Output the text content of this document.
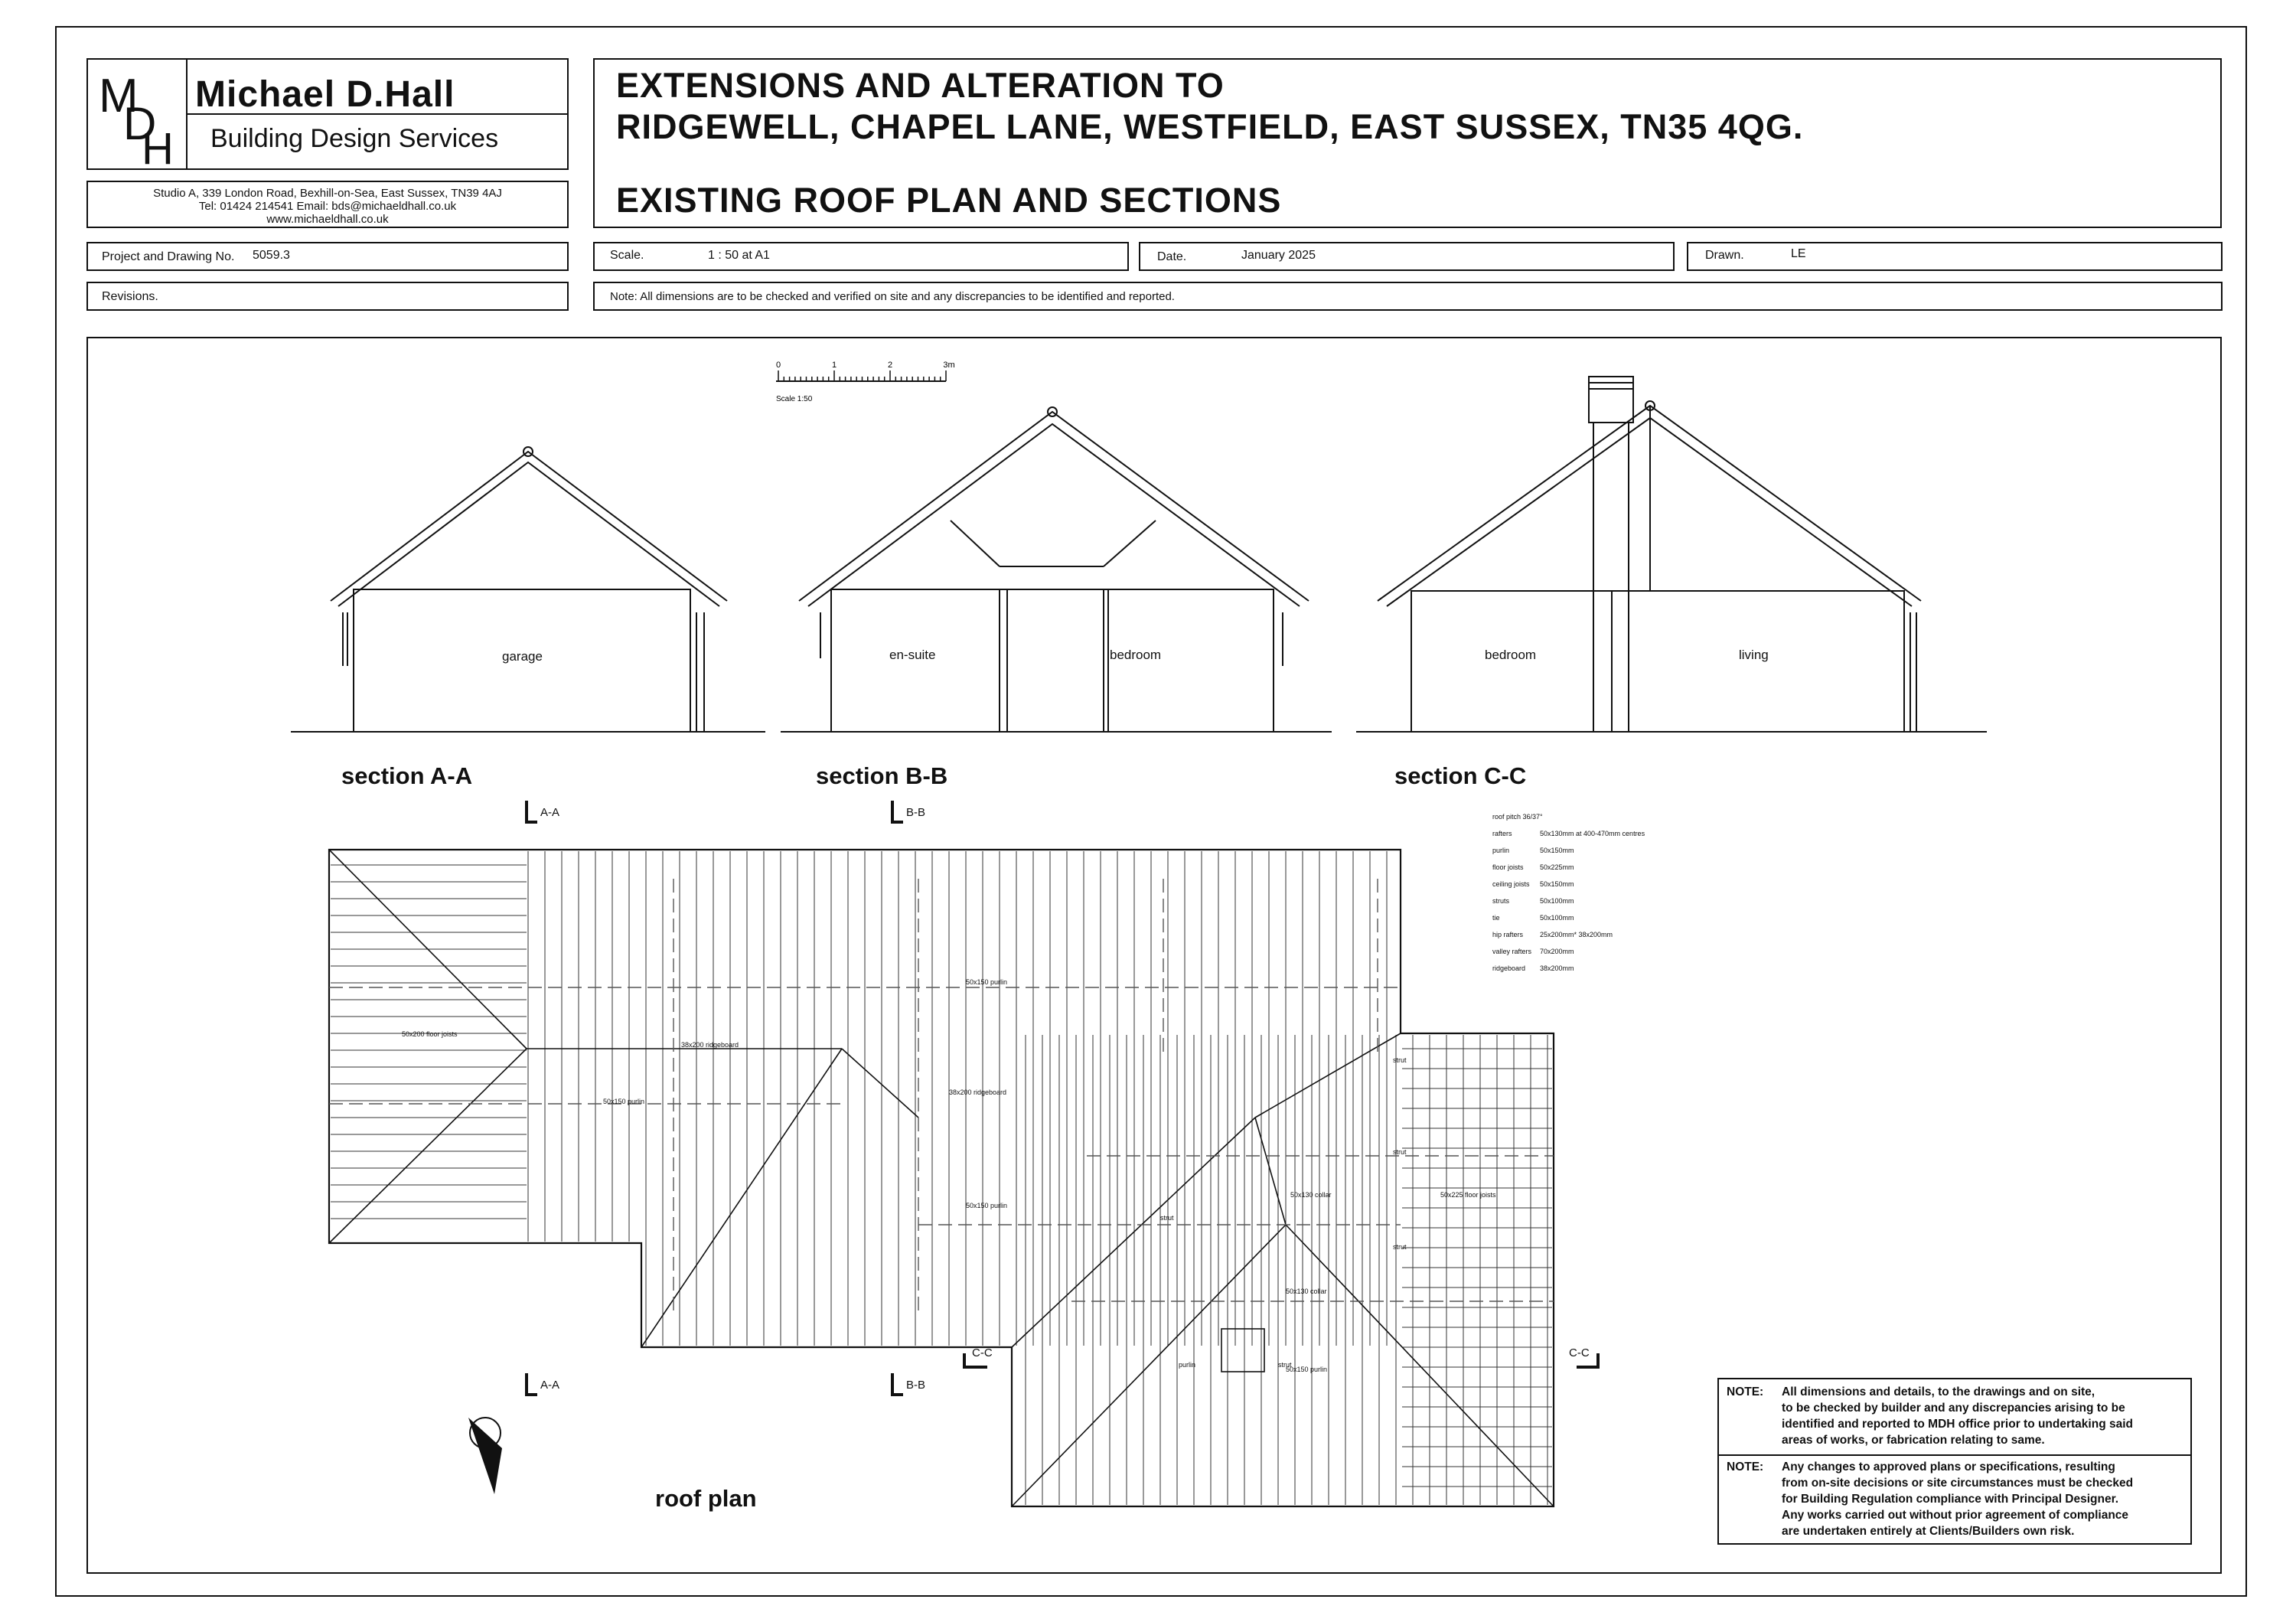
M
D
H
Michael D.Hall
Building Design Services
Studio A, 339 London Road, Bexhill-on-Sea, East Sussex, TN39 4AJ
Tel: 01424 214541 Email: bds@michaeldhall.co.uk
www.michaeldhall.co.uk
EXTENSIONS AND ALTERATION TO
RIDGEWELL, CHAPEL LANE, WESTFIELD, EAST SUSSEX, TN35 4QG.
EXISTING ROOF PLAN AND SECTIONS
Project and Drawing No. 5059.3	Scale.	1 : 50 at A1	Date.	January 2025	Drawn.	LE
Revisions.	Note: All dimensions are to be checked and verified on site and any discrepancies to be identified and reported.
0	1	2	3m
Scale 1:50
garage	en-suite	bedroom	bedroom	living
section A-A	section B-B	section C-C
A-A	B-B
A-A	B-B
C-C	C-C
50x200 floor joists
38x200 ridgeboard
50x150 purlin
50x150 purlin
38x200 ridgeboard
50x150 purlin
strut
50x130 collar	50x225 floor joists
50x130 collar
50x150 purlin
purlin
strut
strut
strut
strut
roof pitch 36/37°
rafters	50x130mm at 400-470mm centres
purlin	50x150mm
floor joists 50x225mm
ceiling joists 50x150mm
struts	50x100mm
tie	50x100mm
hip rafters 25x200mm* 38x200mm
valley rafters 70x200mm
ridgeboard 38x200mm
roof plan
NOTE: All dimensions and details, to the drawings and on site,
to be checked by builder and any discrepancies arising to be
identified and reported to MDH office prior to undertaking said
areas of works, or fabrication relating to same.
NOTE: Any changes to approved plans or specifications, resulting
from on-site decisions or site circumstances must be checked
for Building Regulation compliance with Principal Designer.
Any works carried out without prior agreement of compliance
are undertaken entirely at Clients/Builders own risk.
